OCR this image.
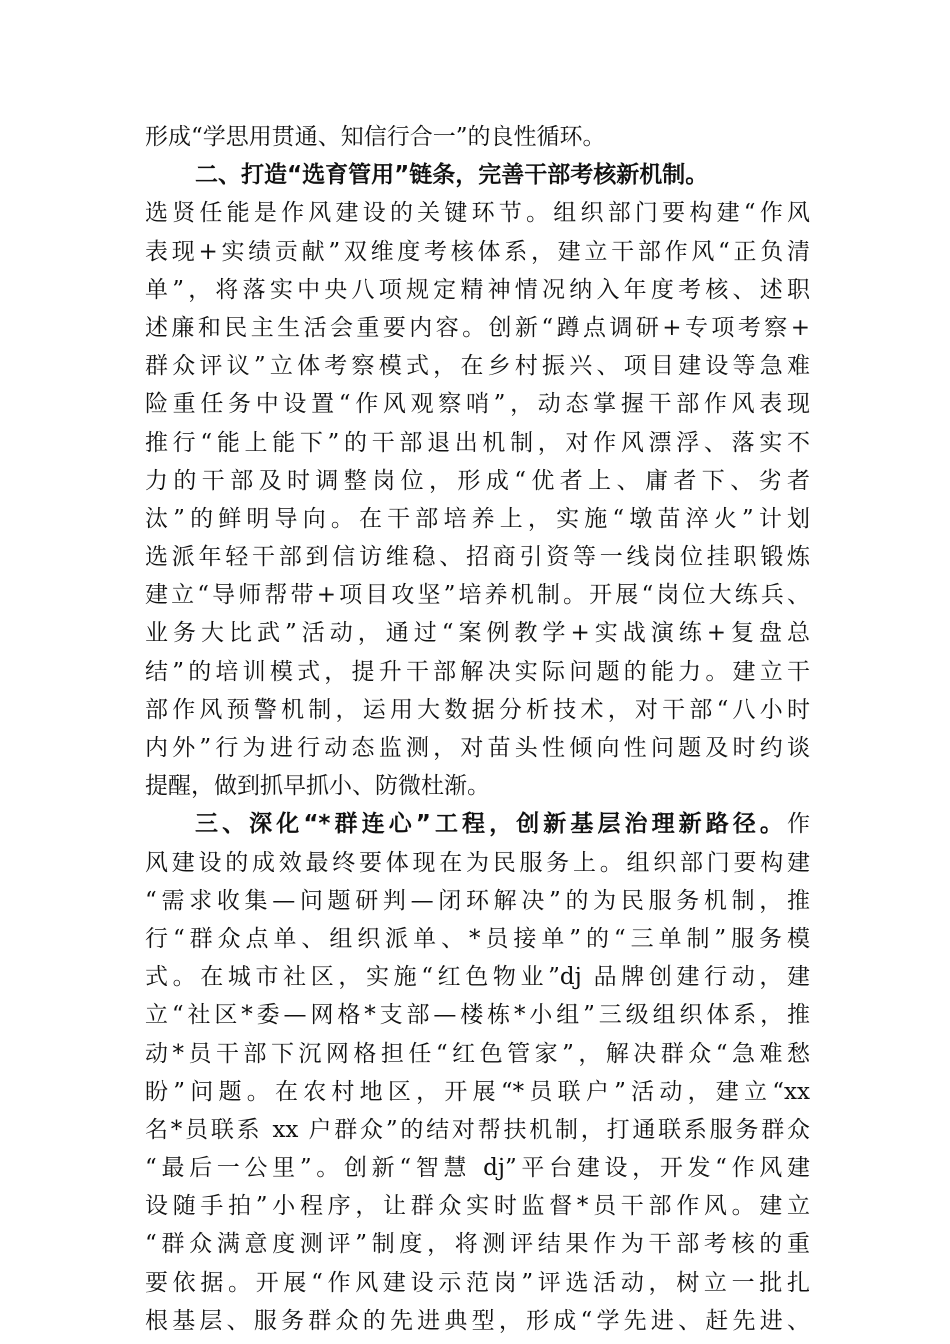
形成“学思用贯通、知信行合一”的良性循环。
二、打造“选育管用”链条，完善干部考核新机制。
选贤任能是作风建设的关键环节。组织部门要构建“作风
表现+实绩贡献”双维度考核体系，建立干部作风“正负清
单”，将落实中央八项规定精神情况纳入年度考核、述职
述廉和民主生活会重要内容。创新“蹲点调研+专项考察+
群众评议”立体考察模式，在乡村振兴、项目建设等急难
险重任务中设置“作风观察哨”，动态掌握干部作风表现
推行“能上能下”的干部退出机制，对作风漂浮、落实不
力的干部及时调整岗位，形成“优者上、庸者下、劣者
汰”的鲜明导向。在干部培养上，实施“墩苗淬火”计划
选派年轻干部到信访维稳、招商引资等一线岗位挂职锻炼
建立“导师帮带+项目攻坚”培养机制。开展“岗位大练兵、
业务大比武”活动，通过“案例教学+实战演练+复盘总
结”的培训模式，提升干部解决实际问题的能力。建立干
部作风预警机制，运用大数据分析技术，对干部“八小时
内外”行为进行动态监测，对苗头性倾向性问题及时约谈
提醒，做到抓早抓小、防微杜渐。
三、深化“*群连心”工程，创新基层治理新路径。作
风建设的成效最终要体现在为民服务上。组织部门要构建
“需求收集—问题研判—闭环解决”的为民服务机制，推
行“群众点单、组织派单、*员接单”的“三单制”服务模
式。在城市社区，实施“红色物业”dj 品牌创建行动，建
立“社区*委—网格*支部—楼栋*小组”三级组织体系，推
动*员干部下沉网格担任“红色管家”，解决群众“急难愁
盼”问题。在农村地区，开展“*员联户”活动，建立“xx
名*员联系 xx 户群众”的结对帮扶机制，打通联系服务群众
“最后一公里”。创新“智慧 dj”平台建设，开发“作风建
设随手拍”小程序，让群众实时监督*员干部作风。建立
“群众满意度测评”制度，将测评结果作为干部考核的重
要依据。开展“作风建设示范岗”评选活动，树立一批扎
根基层、服务群众的先进典型，形成“学先进、赶先进、
